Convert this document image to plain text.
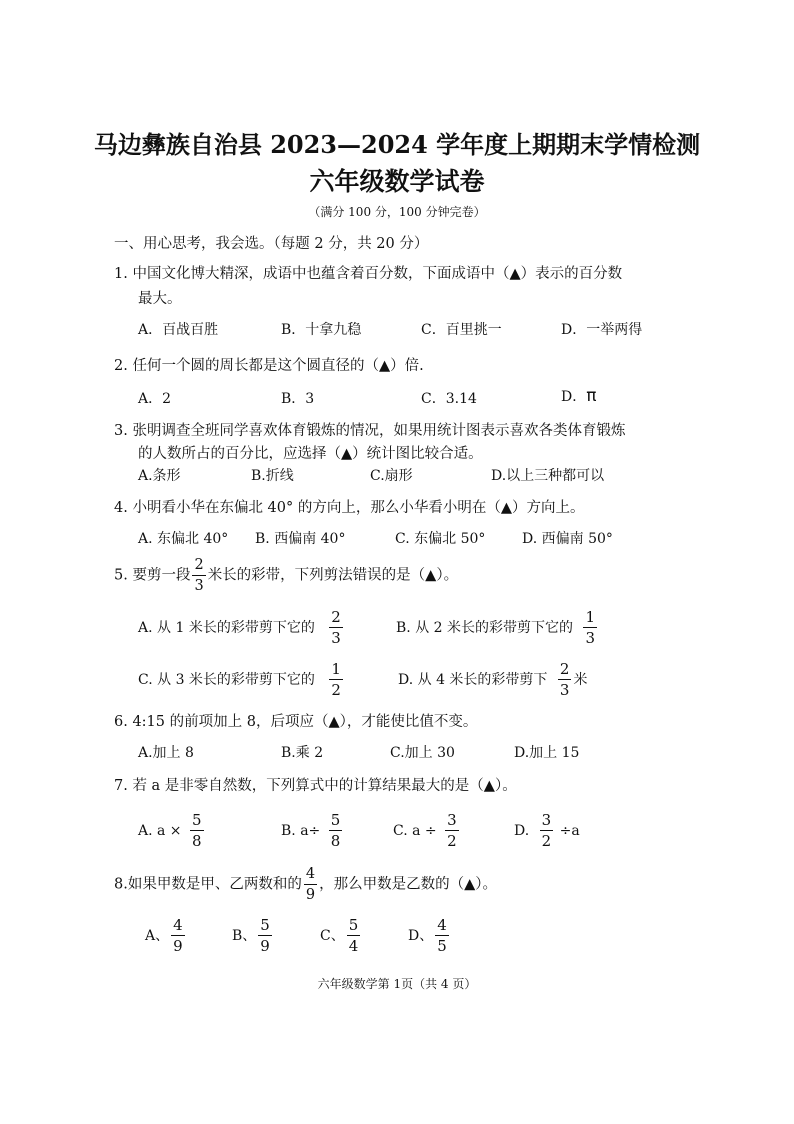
马边彝族自治县 2023—2024 学年度上期期末学情检测
六年级数学试卷
（满分 100 分，100 分钟完卷）
一、用心思考，我会选。（每题 2 分，共 20 分）
1. 中国文化博大精深，成语中也蕴含着百分数，下面成语中（▲）表示的百分数
最大。
A．百战百胜	B．十拿九稳	C．百里挑一	D．一举两得
2. 任何一个圆的周长都是这个圆直径的（▲）倍.
A．2	B．3	C．3.14	D．π
3. 张明调查全班同学喜欢体育锻炼的情况，如果用统计图表示喜欢各类体育锻炼
的人数所占的百分比，应选择（▲）统计图比较合适。
A.条形	B.折线	C.扇形	D.以上三种都可以
4. 小明看小华在东偏北 40° 的方向上，那么小华看小明在（▲）方向上。
A. 东偏北 40° B. 西偏南 40°	C. 东偏北 50°	D. 西偏南 50°
5. 要剪一段 $\frac{2}{3}$ 米长的彩带，下列剪法错误的是（▲）。
A. 从 1 米长的彩带剪下它的 $\frac{2}{3}$	B. 从 2 米长的彩带剪下它的 $\frac{1}{3}$
C. 从 3 米长的彩带剪下它的 $\frac{1}{2}$	D. 从 4 米长的彩带剪下 $\frac{2}{3}$ 米
6. 4:15 的前项加上 8，后项应（▲），才能使比值不变。
A.加上 8	B.乘 2	C.加上 30	D.加上 15
7. 若 a 是非零自然数，下列算式中的计算结果最大的是（▲）。
A. $a \times \frac{5}{8}$	B. $a\div \frac{5}{8}$	C. $a \div \frac{3}{2}$	D. $\frac{3}{2} \div a$
8.如果甲数是甲、乙两数和的 $\frac{4}{9}$ ，那么甲数是乙数的（▲）。
A、 $\frac{4}{9}$	B、 $\frac{5}{9}$	C、 $\frac{5}{4}$	D、 $\frac{4}{5}$
六年级数学第 1页（共 4 页）
